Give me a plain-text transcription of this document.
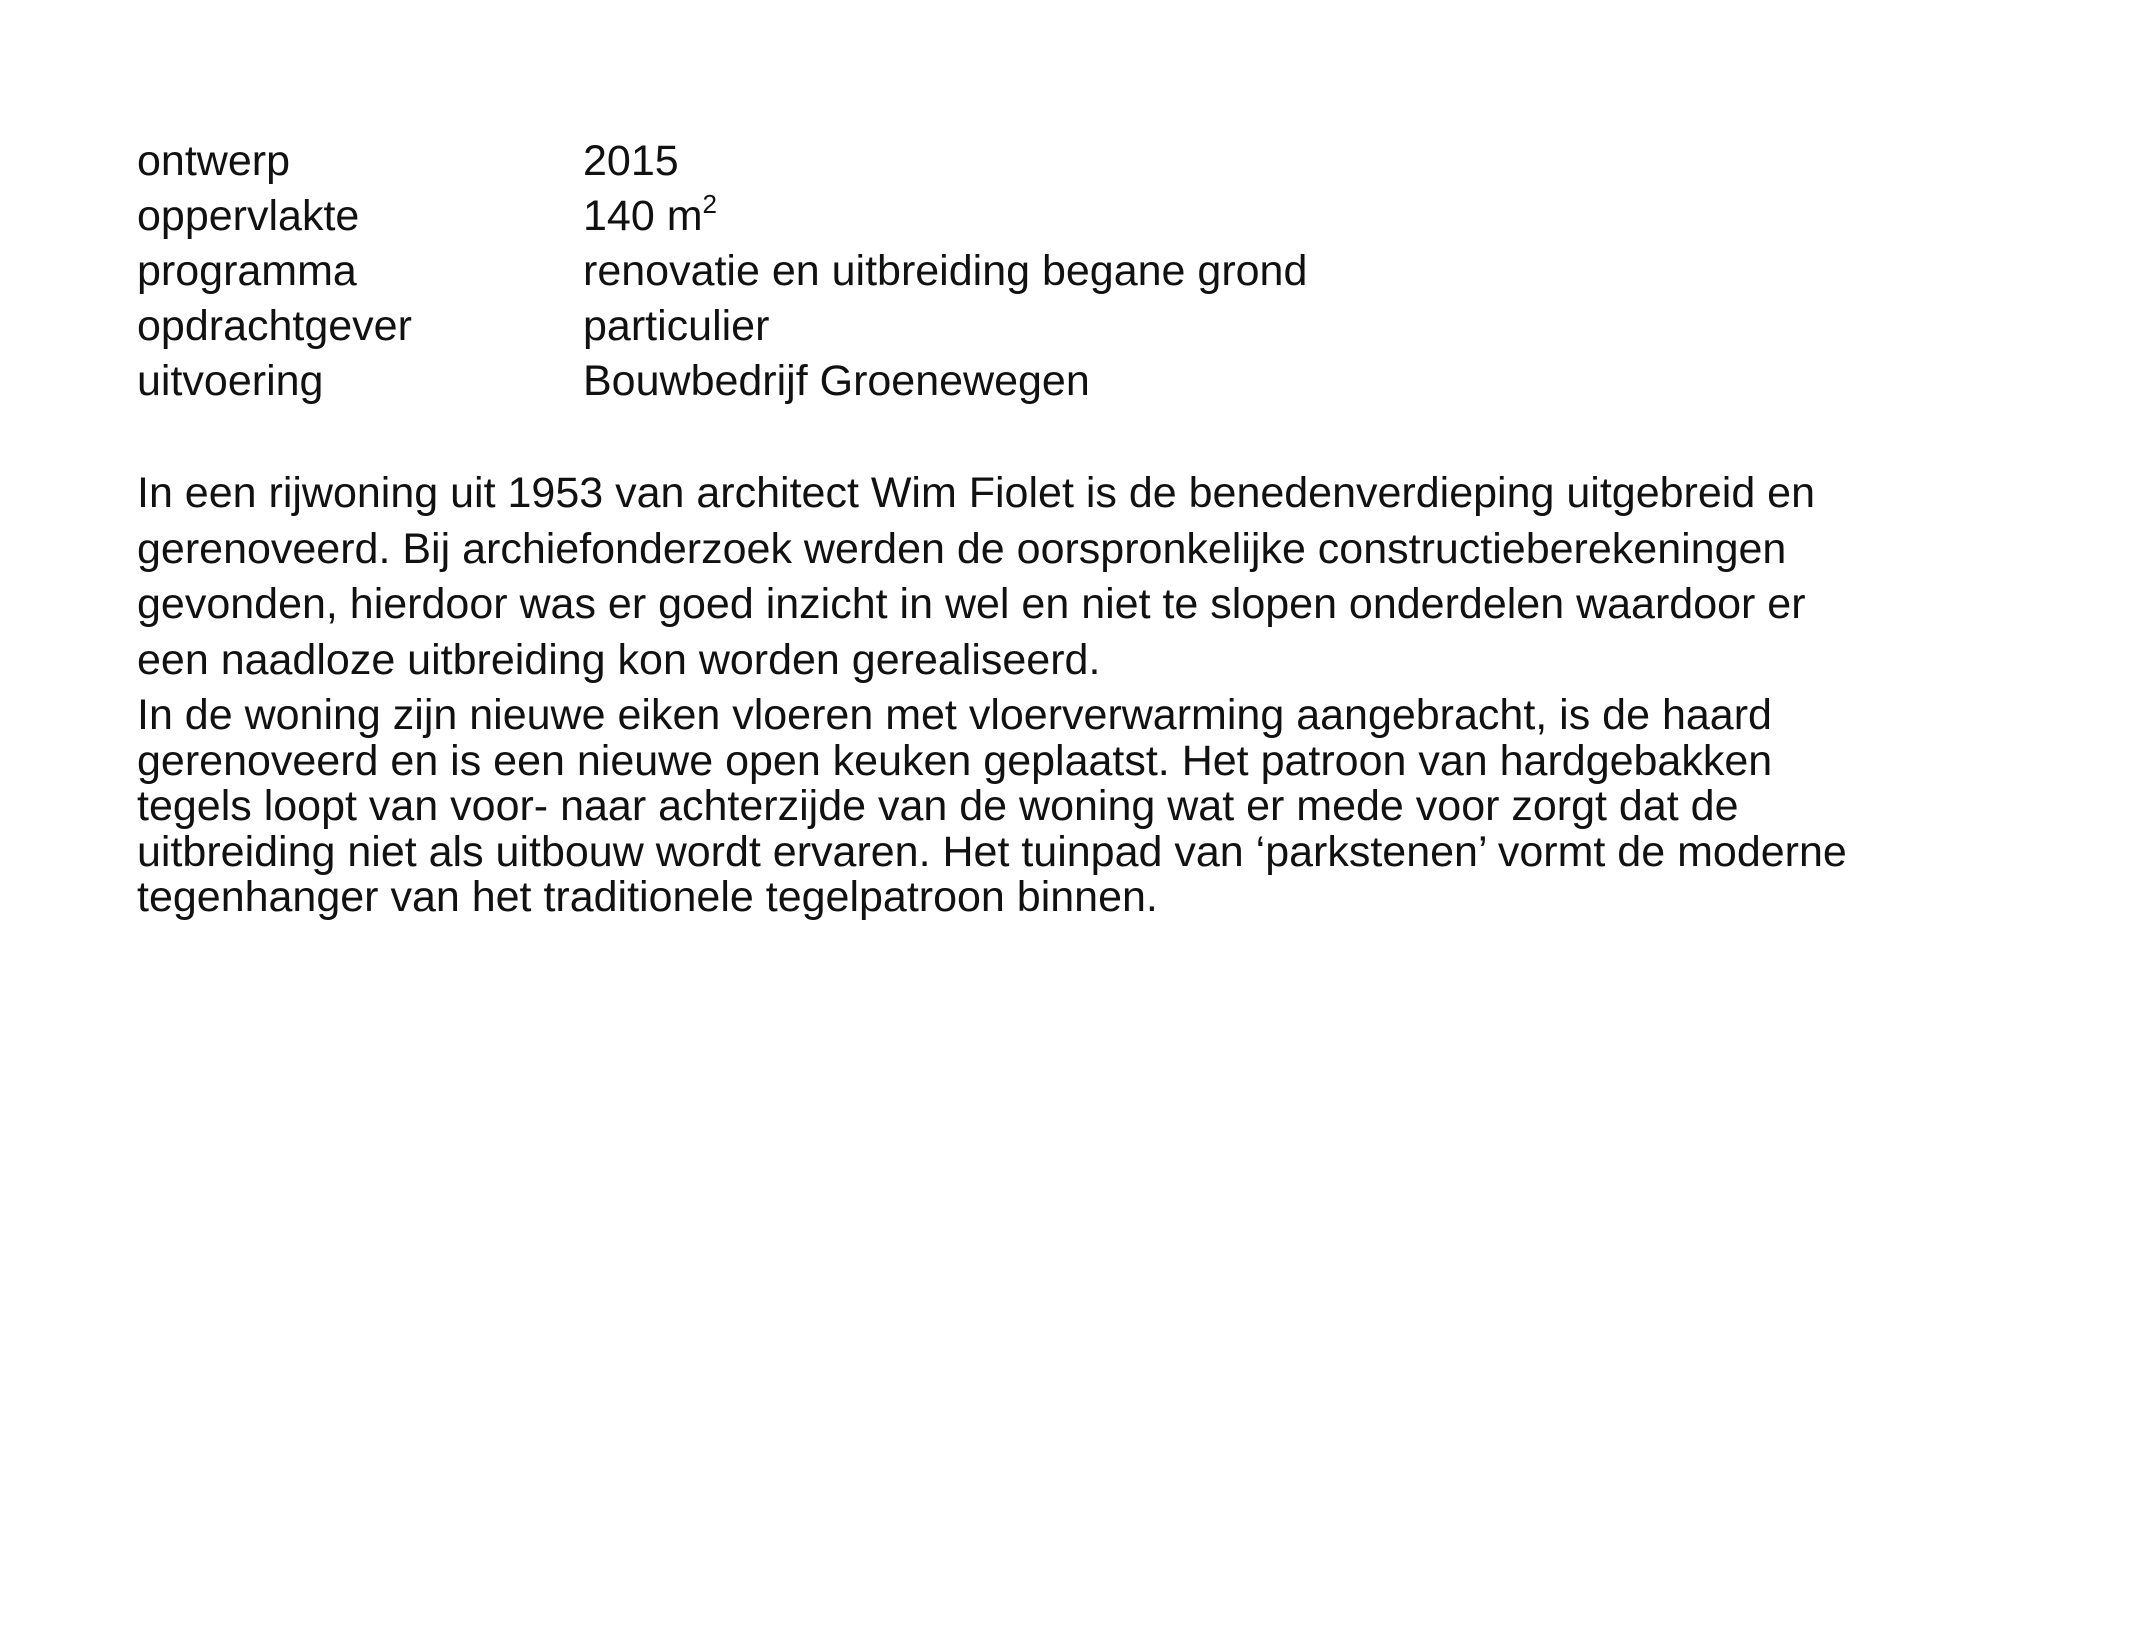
ontwerp	2015
oppervlakte	140 $m^2$
programma	renovatie en uitbreiding begane grond
opdrachtgever	particulier
uitvoering	Bouwbedrijf Groenewegen

In een rijwoning uit 1953 van architect Wim Fiolet is de benedenverdieping uitgebreid en
gerenoveerd. Bij archiefonderzoek werden de oorspronkelijke constructieberekeningen
gevonden, hierdoor was er goed inzicht in wel en niet te slopen onderdelen waardoor er
een naadloze uitbreiding kon worden gerealiseerd.

In de woning zijn nieuwe eiken vloeren met vloerverwarming aangebracht, is de haard
gerenoveerd en is een nieuwe open keuken geplaatst. Het patroon van hardgebakken
tegels loopt van voor- naar achterzijde van de woning wat er mede voor zorgt dat de
uitbreiding niet als uitbouw wordt ervaren. Het tuinpad van ‘parkstenen’ vormt de moderne
tegenhanger van het traditionele tegelpatroon binnen.
